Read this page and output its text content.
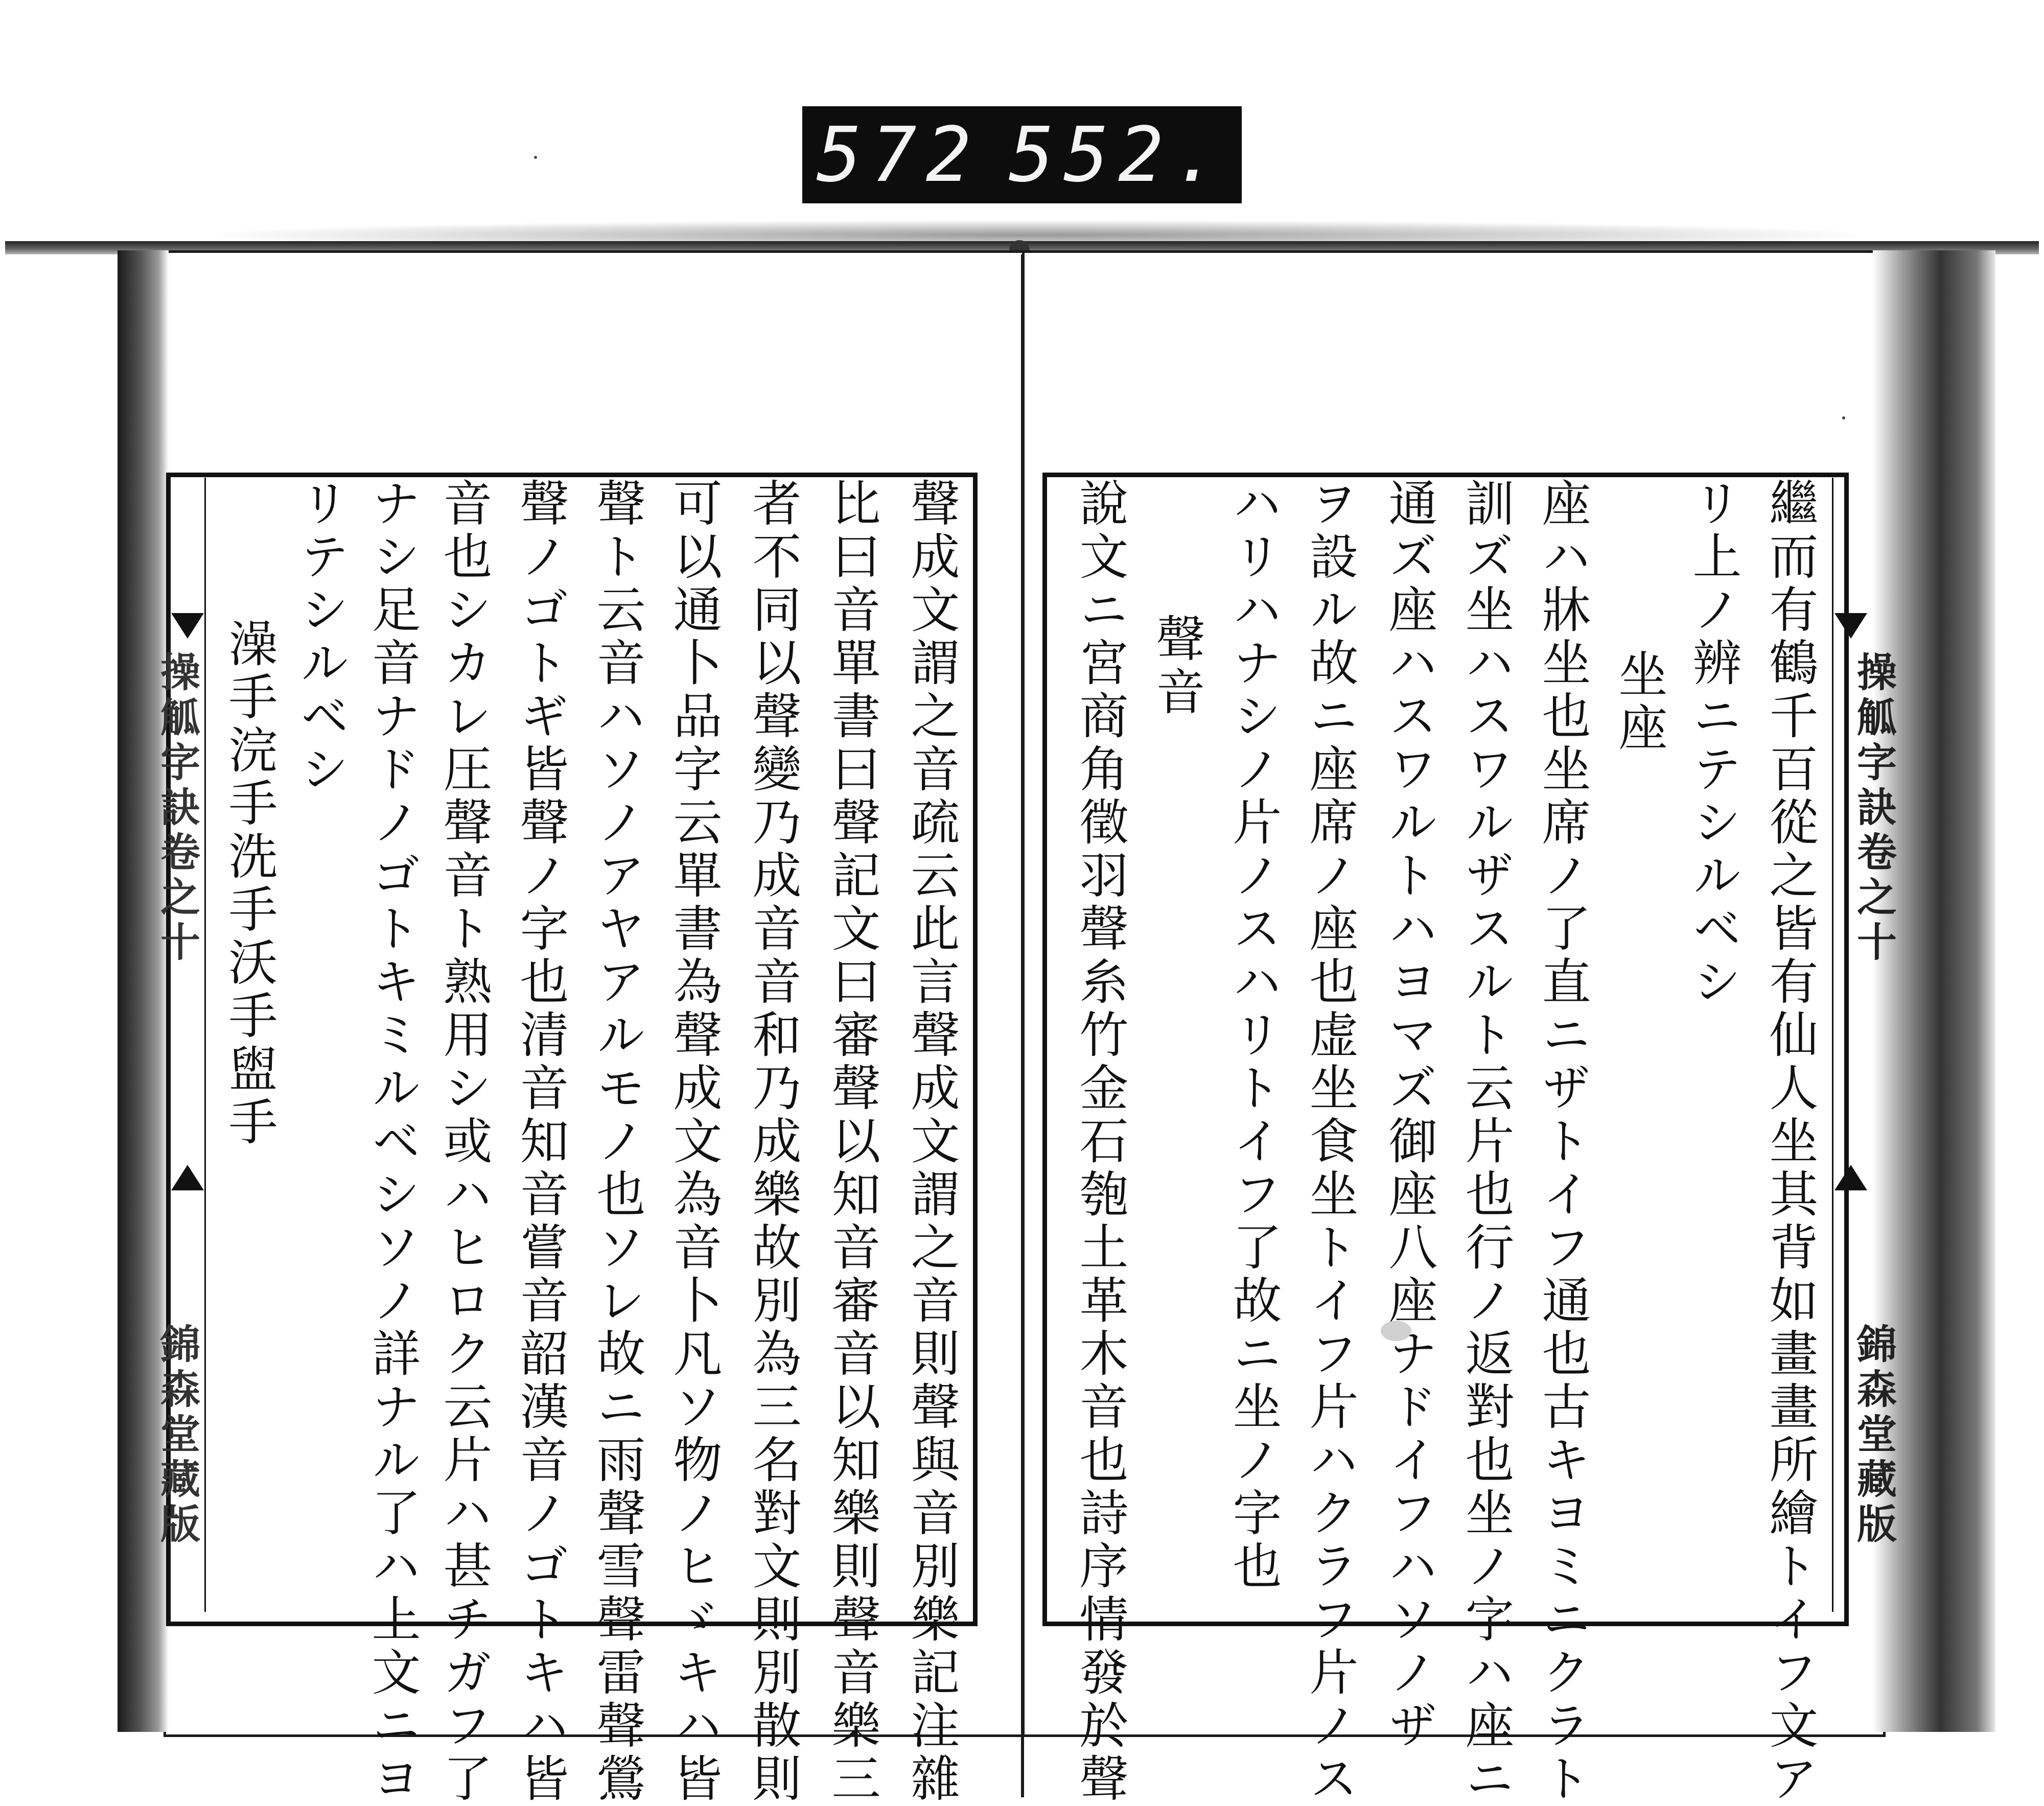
572 552.
操觚字訣卷之十
錦森堂藏版	聲成文謂之音疏云此言聲成文謂之音則聲與音別樂記注雜
比曰音單書曰聲記文曰審聲以知音審音以知樂則聲音樂三
者不同以聲變乃成音音和乃成樂故別為三名對文則別散則
可以通卜品字云單書為聲成文為音卜凡ソ物ノヒゞキハ皆
聲ト云音ハソノアヤアルモノ也ソレ故ニ雨聲雪聲雷聲鶯
聲ノゴトギ皆聲ノ字也清音知音嘗音韶漢音ノゴトキハ皆
音也シカレ圧聲音ト熟用シ或ハヒロク云片ハ甚チガフ了
ナシ足音ナドノゴトキミルベシソノ詳ナル了ハ上文ニヨ
リテシルベシ
澡手浣手洗手沃手盥手	操觚字訣卷之十
錦森堂藏版
繼而有鶴千百從之皆有仙人坐其背如畫畫所繪トイフ文ア
リ上ノ辨ニテシルベシ
坐座
座ハ牀坐也坐席ノ了直ニザトイフ通也古キヨミニクラト
訓ズ坐ハスワルザスルト云片也行ノ返對也坐ノ字ハ座ニ
通ズ座ハスワルトハヨマズ御座八座ナドイフハソノザ
ヲ設ル故ニ座席ノ座也虚坐食坐トイフ片ハクラフ片ノス
ハリハナシノ片ノスハリトイフ了故ニ坐ノ字也
聲音
說文ニ宮商角徵羽聲糸竹金石匏土革木音也詩序情發於聲
